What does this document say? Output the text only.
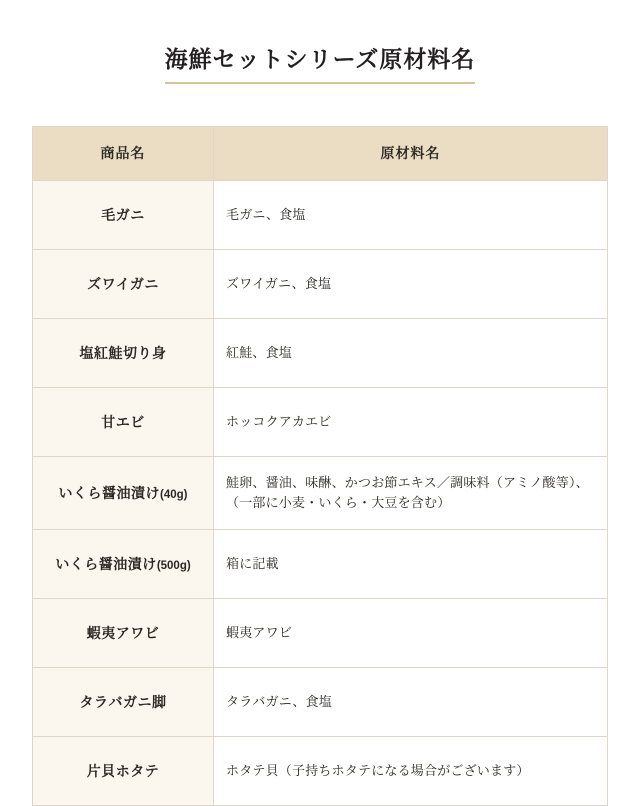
海鮮セットシリーズ原材料名
商品名	原材料名
毛ガニ	毛ガニ、食塩
ズワイガニ	ズワイガニ、食塩
塩紅鮭切り身	紅鮭、食塩
甘エビ	ホッコクアカエビ
いくら醤油漬け(40g)	鮭卵、醤油、味醂、かつお節エキス／調味料（アミノ酸等）、（一部に小麦・いくら・大豆を含む）
いくら醤油漬け(500g)	箱に記載
蝦夷アワビ	蝦夷アワビ
タラバガニ脚	タラバガニ、食塩
片貝ホタテ	ホタテ貝（子持ちホタテになる場合がございます）
